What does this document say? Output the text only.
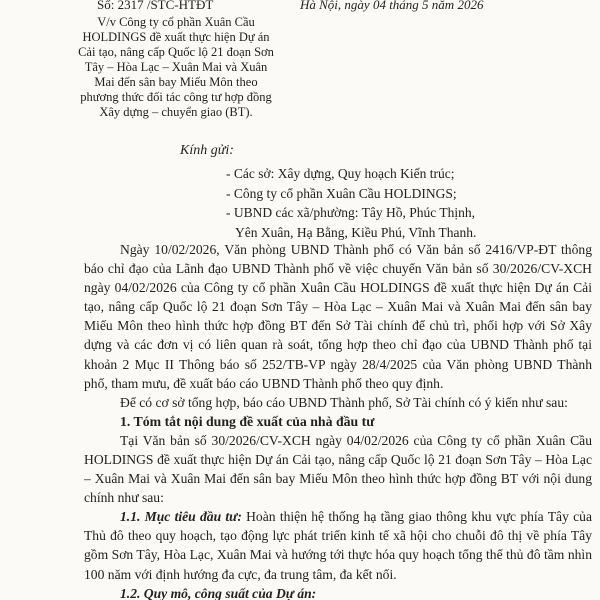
Số: 2317 /STC-HTĐT	Hà Nội, ngày 04 tháng 5 năm 2026
V/v Công ty cổ phần Xuân Cầu
HOLDINGS đề xuất thực hiện Dự án
Cải tạo, nâng cấp Quốc lộ 21 đoạn Sơn
Tây – Hòa Lạc – Xuân Mai và Xuân
Mai đến sân bay Miếu Môn theo
phương thức đối tác công tư hợp đồng
Xây dựng – chuyển giao (BT).
Kính gửi:
- Các sở: Xây dựng, Quy hoạch Kiến trúc;
- Công ty cổ phần Xuân Cầu HOLDINGS;
- UBND các xã/phường: Tây Hồ, Phúc Thịnh,
Yên Xuân, Hạ Bằng, Kiều Phú, Vĩnh Thanh.

Ngày 10/02/2026, Văn phòng UBND Thành phố có Văn bản số 2416/VP-ĐT thông báo chỉ đạo của Lãnh đạo UBND Thành phố về việc chuyển Văn bản số 30/2026/CV-XCH ngày 04/02/2026 của Công ty cổ phần Xuân Cầu HOLDINGS đề xuất thực hiện Dự án Cải tạo, nâng cấp Quốc lộ 21 đoạn Sơn Tây – Hòa Lạc – Xuân Mai và Xuân Mai đến sân bay Miếu Môn theo hình thức hợp đồng BT đến Sở Tài chính để chủ trì, phối hợp với Sở Xây dựng và các đơn vị có liên quan rà soát, tổng hợp theo chỉ đạo của UBND Thành phố tại khoản 2 Mục II Thông báo số 252/TB-VP ngày 28/4/2025 của Văn phòng UBND Thành phố, tham mưu, đề xuất báo cáo UBND Thành phố theo quy định.

Để có cơ sở tổng hợp, báo cáo UBND Thành phố, Sở Tài chính có ý kiến như sau:

1. Tóm tắt nội dung đề xuất của nhà đầu tư

Tại Văn bản số 30/2026/CV-XCH ngày 04/02/2026 của Công ty cổ phần Xuân Cầu HOLDINGS đề xuất thực hiện Dự án Cải tạo, nâng cấp Quốc lộ 21 đoạn Sơn Tây – Hòa Lạc – Xuân Mai và Xuân Mai đến sân bay Miếu Môn theo hình thức hợp đồng BT với nội dung chính như sau:

1.1. Mục tiêu đầu tư: Hoàn thiện hệ thống hạ tầng giao thông khu vực phía Tây của Thủ đô theo quy hoạch, tạo động lực phát triển kinh tế xã hội cho chuỗi đô thị về phía Tây gồm Sơn Tây, Hòa Lạc, Xuân Mai và hướng tới thực hóa quy hoạch tổng thể thủ đô tầm nhìn 100 năm với định hướng đa cực, đa trung tâm, đa kết nối.

1.2. Quy mô, công suất của Dự án:
